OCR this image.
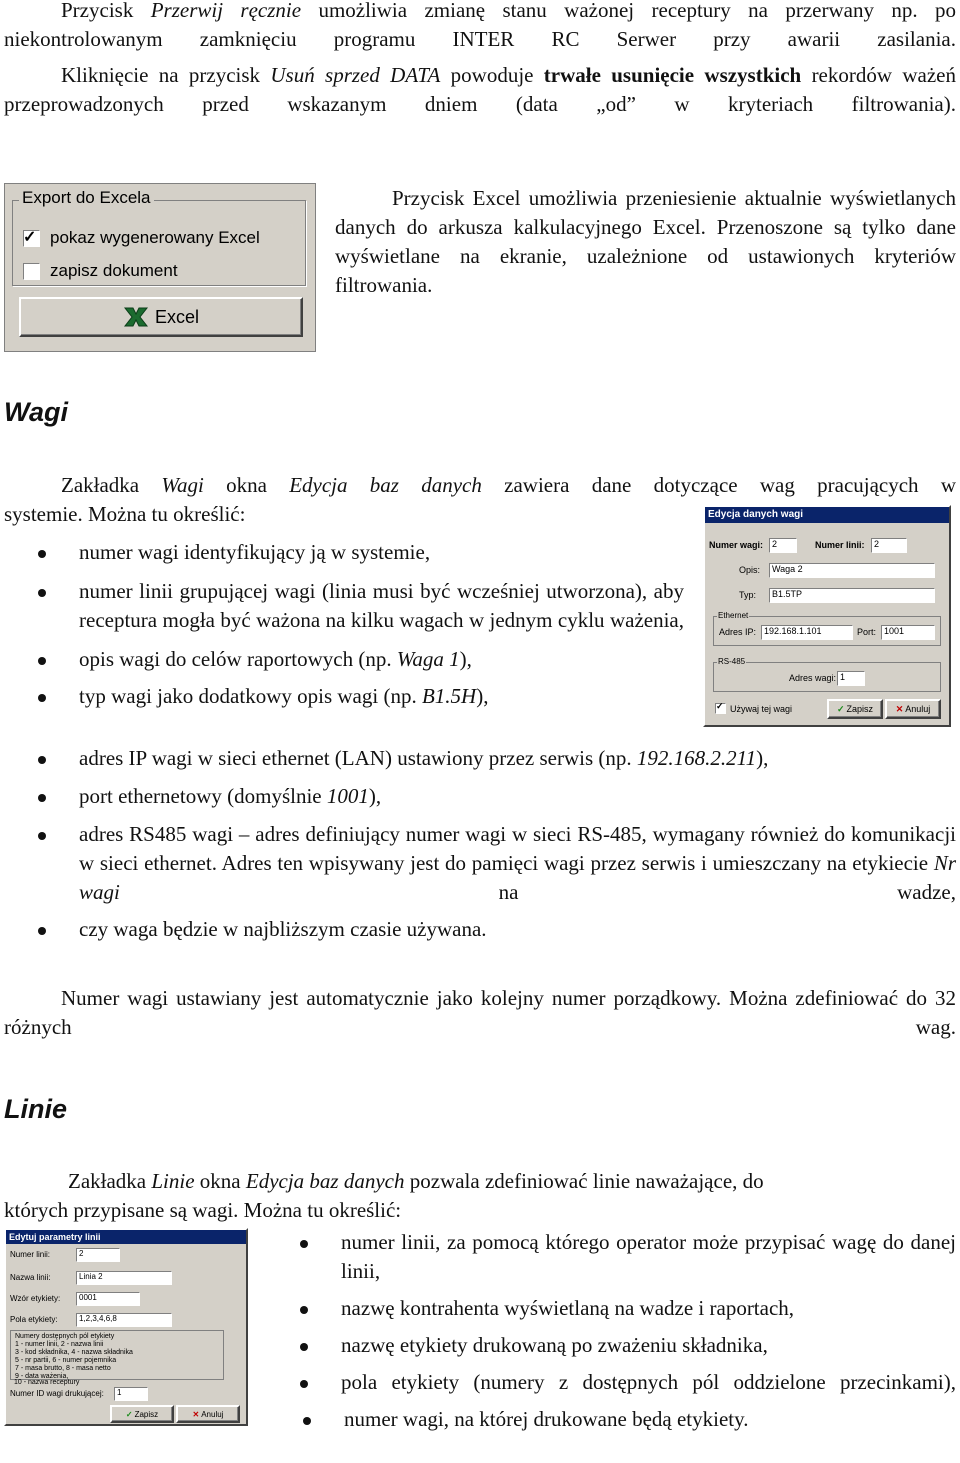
Przycisk Przerwij ręcznie umożliwia zmianę stanu ważonej receptury na przerwany np. po niekontrolowanym zamknięciu programu INTER RC Serwer przy awarii zasilania.

Kliknięcie na przycisk Usuń sprzed DATA powoduje trwałe usunięcie wszystkich rekordów ważeń przeprowadzonych przed wskazanym dniem (data „od” w kryteriach filtrowania).

Export do Excela
✓ pokaz wygenerowany Excel
zapisz dokument
Excel

Przycisk Excel umożliwia przeniesienie aktualnie wyświetlanych danych do arkusza kalkulacyjnego Excel. Przenoszone są tylko dane wyświetlane na ekranie, uzależnione od ustawionych kryteriów filtrowania.

Wagi

Zakładka Wagi okna Edycja baz danych zawiera dane dotyczące wag pracujących w

systemie. Można tu określić:

numer wagi identyfikujący ją w systemie,
numer linii grupującej wagi (linia musi być wcześniej utworzona), aby receptura mogła być ważona na kilku wagach w jednym cyklu ważenia,
opis wagi do celów raportowych (np. Waga 1),
typ wagi jako dodatkowy opis wagi (np. B1.5H),
adres IP wagi w sieci ethernet (LAN) ustawiony przez serwis (np. 192.168.2.211),
port ethernetowy (domyślnie 1001),
adres RS485 wagi – adres definiujący numer wagi w sieci RS-485, wymagany również do komunikacji w sieci ethernet. Adres ten wpisywany jest do pamięci wagi przez serwis i umieszczany na etykiecie Nr wagi na wadze,
czy waga będzie w najbliższym czasie używana.

Numer wagi ustawiany jest automatycznie jako kolejny numer porządkowy. Można zdefiniować do 32 różnych wag.

Edycja danych wagi
Numer wagi: 2	Numer linii:	2
Opis:	Waga 2
Typ:	B1.5TP
Ethernet
Adres IP: 192.168.1.101	Port: 1001
RS-485
Adres wagi: 1
✓ Używaj tej wagi	✓ Zapisz	✕ Anuluj
Linie

Zakładka Linie okna Edycja baz danych pozwala zdefiniować linie naważające, do

których przypisane są wagi. Można tu określić:

numer linii, za pomocą którego operator może przypisać wagę do danej linii,
nazwę kontrahenta wyświetlaną na wadze i raportach,
nazwę etykiety drukowaną po zważeniu składnika,
pola etykiety (numery z dostępnych pól oddzielone przecinkami),
numer wagi, na której drukowane będą etykiety.
Edytuj parametry linii
Numer linii:	2
Nazwa linii:	Linia 2
Wzór etykiety:	0001
Pola etykiety:	1,2,3,4,6,8
Numery dostępnych pól etykiety
1 - numer linii, 2 - nazwa linii
3 - kod składnika, 4 - nazwa składnika
5 - nr partii, 6 - numer pojemnika
7 - masa brutto, 8 - masa netto
9 - data ważenia,
10 - nazwa receptury
Numer ID wagi drukującej:	1
✓ Zapisz	✕ Anuluj
